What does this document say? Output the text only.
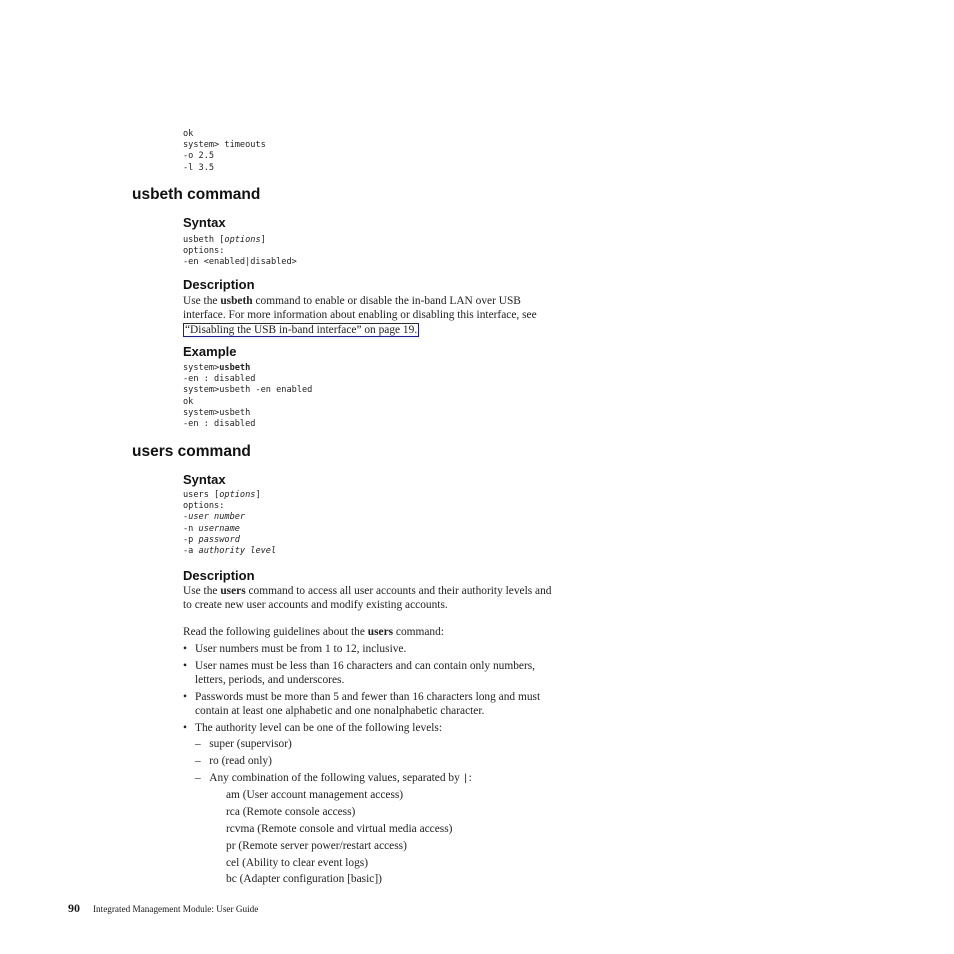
ok
system> timeouts
-o 2.5
-l 3.5
usbeth command
Syntax
usbeth [options]
options:
-en <enabled|disabled>
Description

Use the usbeth command to enable or disable the in-band LAN over USB

interface. For more information about enabling or disabling this interface, see

“Disabling the USB in-band interface” on page 19.

Example
system>usbeth
-en : disabled
system>usbeth -en enabled
ok
system>usbeth
-en : disabled
users command
Syntax
users [options]
options:
-user number
-n username
-p password
-a authority level
Description

Use the users command to access all user accounts and their authority levels and

to create new user accounts and modify existing accounts.

Read the following guidelines about the users command:

• User numbers must be from 1 to 12, inclusive.
• User names must be less than 16 characters and can contain only numbers,
letters, periods, and underscores.
• Passwords must be more than 5 and fewer than 16 characters long and must
contain at least one alphabetic and one nonalphabetic character.
• The authority level can be one of the following levels:
– super (supervisor)
– ro (read only)
– Any combination of the following values, separated by |:
am (User account management access)
rca (Remote console access)
rcvma (Remote console and virtual media access)
pr (Remote server power/restart access)
cel (Ability to clear event logs)
bc (Adapter configuration [basic])
90 Integrated Management Module: User Guide
